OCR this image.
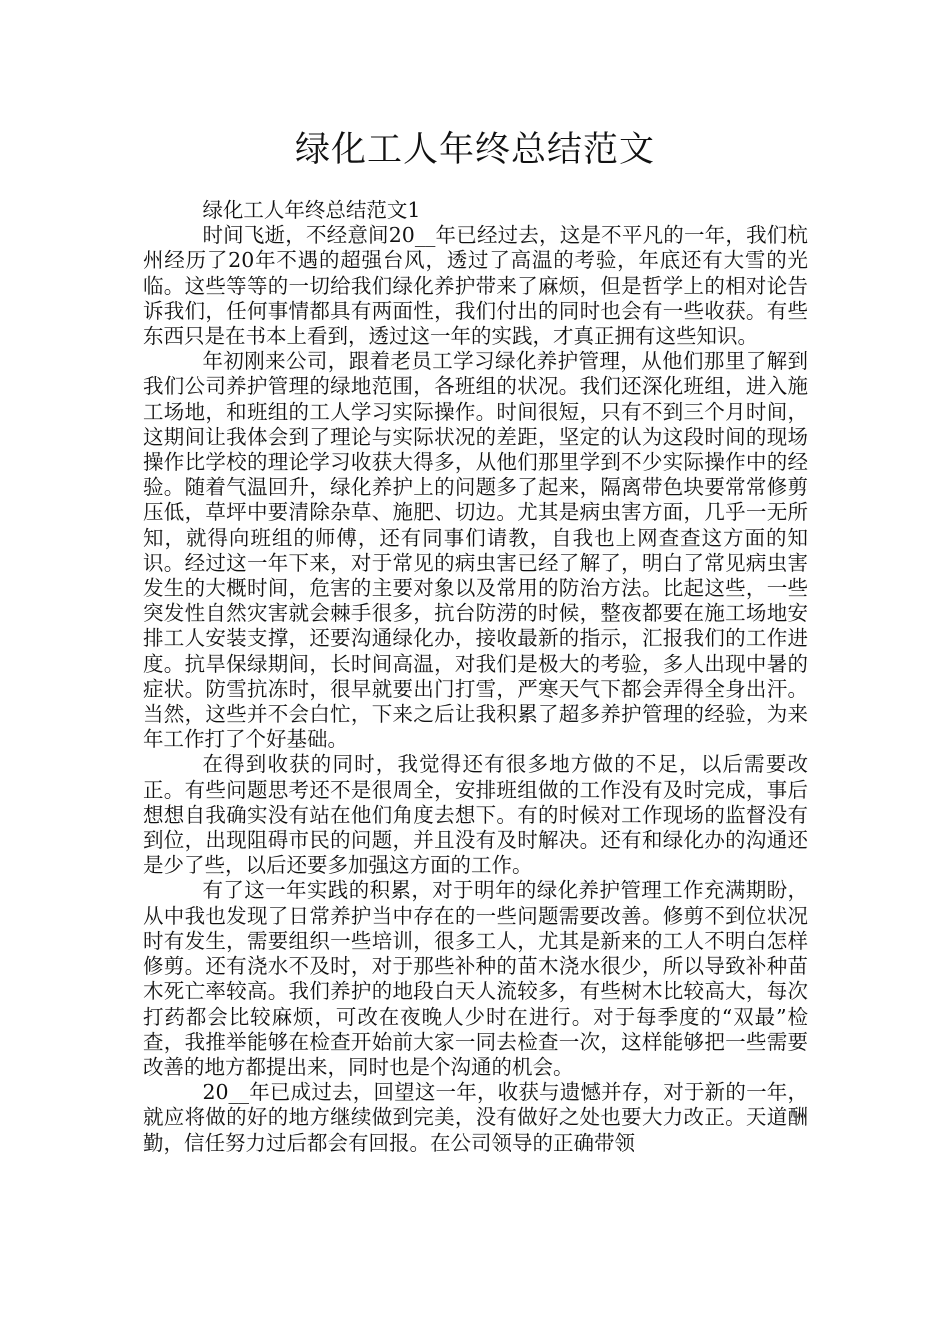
绿化工人年终总结范文

绿化工人年终总结范文1

时间飞逝，不经意间20__年已经过去，这是不平凡的一年，我们杭州经历了20年不遇的超强台风，透过了高温的考验，年底还有大雪的光临。这些等等的一切给我们绿化养护带来了麻烦，但是哲学上的相对论告诉我们，任何事情都具有两面性，我们付出的同时也会有一些收获。有些东西只是在书本上看到，透过这一年的实践，才真正拥有这些知识。

年初刚来公司，跟着老员工学习绿化养护管理，从他们那里了解到我们公司养护管理的绿地范围，各班组的状况。我们还深化班组，进入施工场地，和班组的工人学习实际操作。时间很短，只有不到三个月时间，这期间让我体会到了理论与实际状况的差距，坚定的认为这段时间的现场操作比学校的理论学习收获大得多，从他们那里学到不少实际操作中的经验。随着气温回升，绿化养护上的问题多了起来，隔离带色块要常常修剪压低，草坪中要清除杂草、施肥、切边。尤其是病虫害方面，几乎一无所知，就得向班组的师傅，还有同事们请教，自我也上网查查这方面的知识。经过这一年下来，对于常见的病虫害已经了解了，明白了常见病虫害发生的大概时间，危害的主要对象以及常用的防治方法。比起这些，一些突发性自然灾害就会棘手很多，抗台防涝的时候，整夜都要在施工场地安排工人安装支撑，还要沟通绿化办，接收最新的指示，汇报我们的工作进度。抗旱保绿期间，长时间高温，对我们是极大的考验，多人出现中暑的症状。防雪抗冻时，很早就要出门打雪，严寒天气下都会弄得全身出汗。当然，这些并不会白忙，下来之后让我积累了超多养护管理的经验，为来年工作打了个好基础。

在得到收获的同时，我觉得还有很多地方做的不足，以后需要改正。有些问题思考还不是很周全，安排班组做的工作没有及时完成，事后想想自我确实没有站在他们角度去想下。有的时候对工作现场的监督没有到位，出现阻碍市民的问题，并且没有及时解决。还有和绿化办的沟通还是少了些，以后还要多加强这方面的工作。

有了这一年实践的积累，对于明年的绿化养护管理工作充满期盼，从中我也发现了日常养护当中存在的一些问题需要改善。修剪不到位状况时有发生，需要组织一些培训，很多工人，尤其是新来的工人不明白怎样修剪。还有浇水不及时，对于那些补种的苗木浇水很少，所以导致补种苗木死亡率较高。我们养护的地段白天人流较多，有些树木比较高大，每次打药都会比较麻烦，可改在夜晚人少时在进行。对于每季度的“双最”检查，我推举能够在检查开始前大家一同去检查一次，这样能够把一些需要改善的地方都提出来，同时也是个沟通的机会。

20__年已成过去，回望这一年，收获与遗憾并存，对于新的一年，就应将做的好的地方继续做到完美，没有做好之处也要大力改正。天道酬勤，信任努力过后都会有回报。在公司领导的正确带领
